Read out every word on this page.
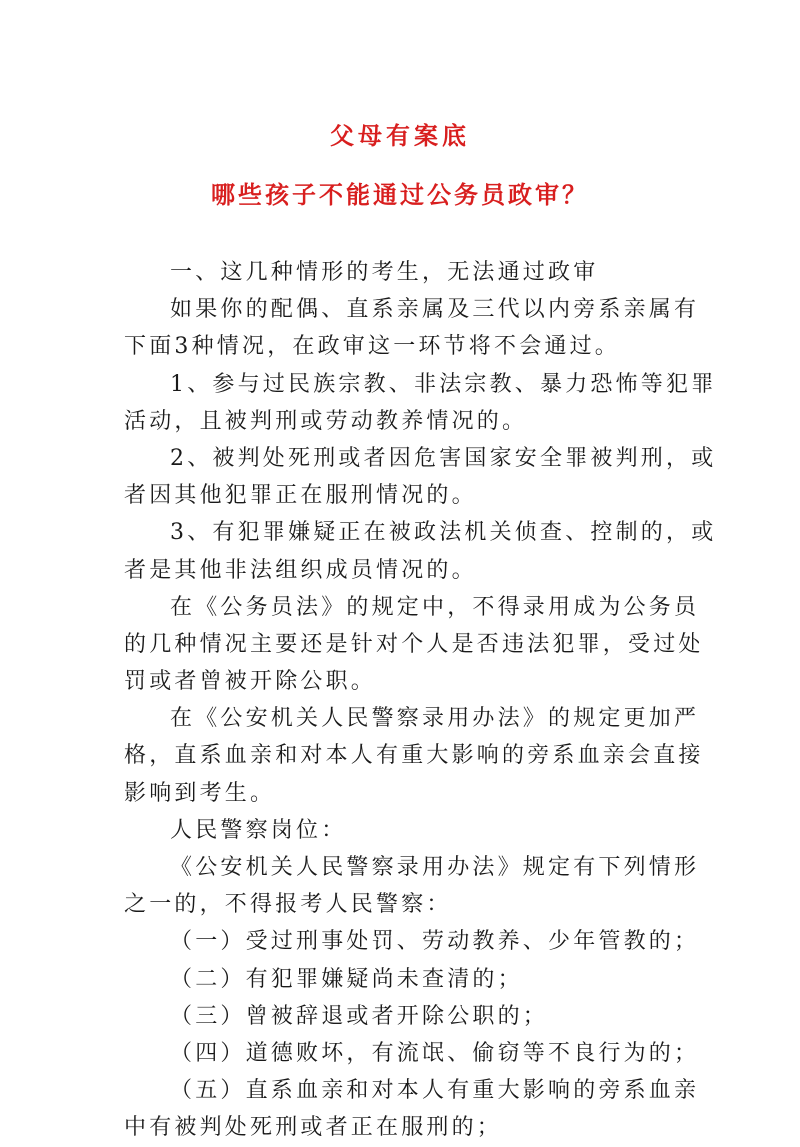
父母有案底
哪些孩子不能通过公务员政审？
一、这几种情形的考生，无法通过政审
如果你的配偶、直系亲属及三代以内旁系亲属有
下面3种情况，在政审这一环节将不会通过。
1、参与过民族宗教、非法宗教、暴力恐怖等犯罪
活动，且被判刑或劳动教养情况的。
2、被判处死刑或者因危害国家安全罪被判刑，或
者因其他犯罪正在服刑情况的。
3、有犯罪嫌疑正在被政法机关侦查、控制的，或
者是其他非法组织成员情况的。
在《公务员法》的规定中，不得录用成为公务员
的几种情况主要还是针对个人是否违法犯罪，受过处
罚或者曾被开除公职。
在《公安机关人民警察录用办法》的规定更加严
格，直系血亲和对本人有重大影响的旁系血亲会直接
影响到考生。
人民警察岗位：
《公安机关人民警察录用办法》规定有下列情形
之一的，不得报考人民警察：
（一）受过刑事处罚、劳动教养、少年管教的；
（二）有犯罪嫌疑尚未查清的；
（三）曾被辞退或者开除公职的；
（四）道德败坏，有流氓、偷窃等不良行为的；
（五）直系血亲和对本人有重大影响的旁系血亲
中有被判处死刑或者正在服刑的；
